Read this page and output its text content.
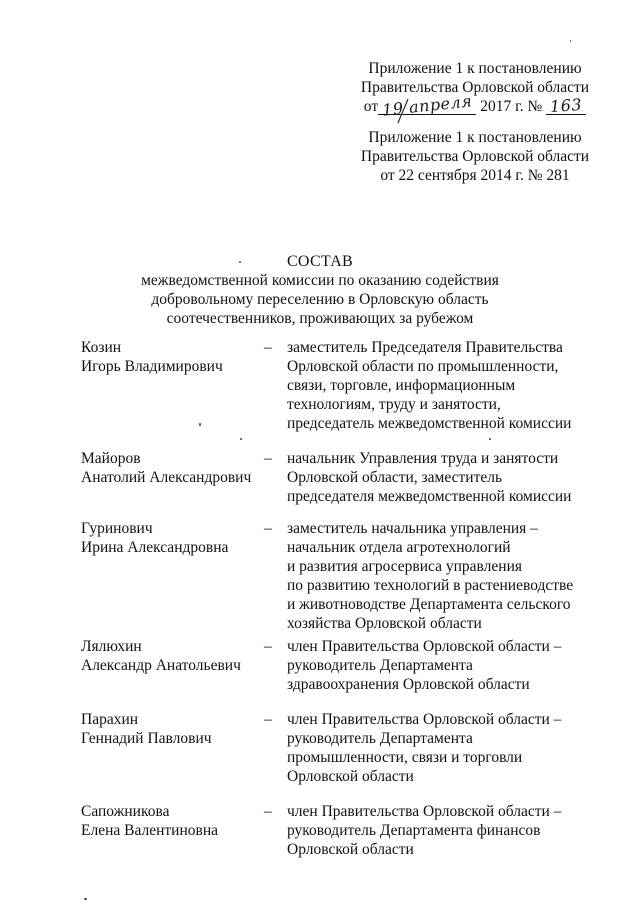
Приложение 1 к постановлению
Правительства Орловской области
от 19 апреля 2017 г. № 163
Приложение 1 к постановлению
Правительства Орловской области
от 22 сентября 2014 г. № 281
СОСТАВ
межведомственной комиссии по оказанию содействия
добровольному переселению в Орловскую область
соотечественников, проживающих за рубежом
Козин
Игорь Владимирович
– заместитель Председателя Правительства
Орловской области по промышленности,
связи, торговле, информационным
технологиям, труду и занятости,
председатель межведомственной комиссии
Майоров
Анатолий Александрович
– начальник Управления труда и занятости
Орловской области, заместитель
председателя межведомственной комиссии
Гуринович
Ирина Александровна
– заместитель начальника управления –
начальник отдела агротехнологий
и развития агросервиса управления
по развитию технологий в растениеводстве
и животноводстве Департамента сельского
хозяйства Орловской области
Лялюхин
Александр Анатольевич
– член Правительства Орловской области –
руководитель Департамента
здравоохранения Орловской области
Парахин
Геннадий Павлович
– член Правительства Орловской области –
руководитель Департамента
промышленности, связи и торговли
Орловской области
Сапожникова
Елена Валентиновна
– член Правительства Орловской области –
руководитель Департамента финансов
Орловской области
